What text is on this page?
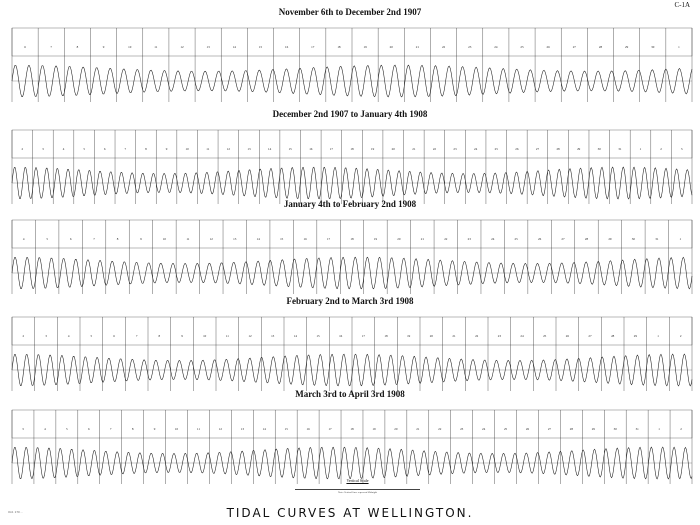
C-1A
November 6th to December 2nd 1907
December 2nd 1907 to January 4th 1908
January 4th to February 2nd 1908
February 2nd to March 3rd 1908
March 3rd to April 3rd 1908
6	7	8	9	10	11	12	13	14	15	16	17	18	19	20	21	22	23	24	25	26	27	28	29	30	1
2	3	4	5	6	7	8	9	10	11	12	13	14	15	16	17	18	19	20	21	22	23	24	25	26	27	28	29	30	31	1	2	3
4	5	6	7	8	9	10	11	12	13	14	15	16	17	18	19	20	21	22	23	24	25	26	27	28	29	30	31	1
2	3	4	5	6	7	8	9	10	11	12	13	14	15	16	17	18	19	20	21	22	23	24	25	26	27	28	29	1	2
3	4	5	6	7	8	9	10	11	12	13	14	15	16	17	18	19	20	21	22	23	24	25	26	27	28	29	30	31	1	2
Vertical Scale
Note: Vertical lines represent Midnight
Ord. 170 ...	TIDAL CURVES AT WELLINGTON.
